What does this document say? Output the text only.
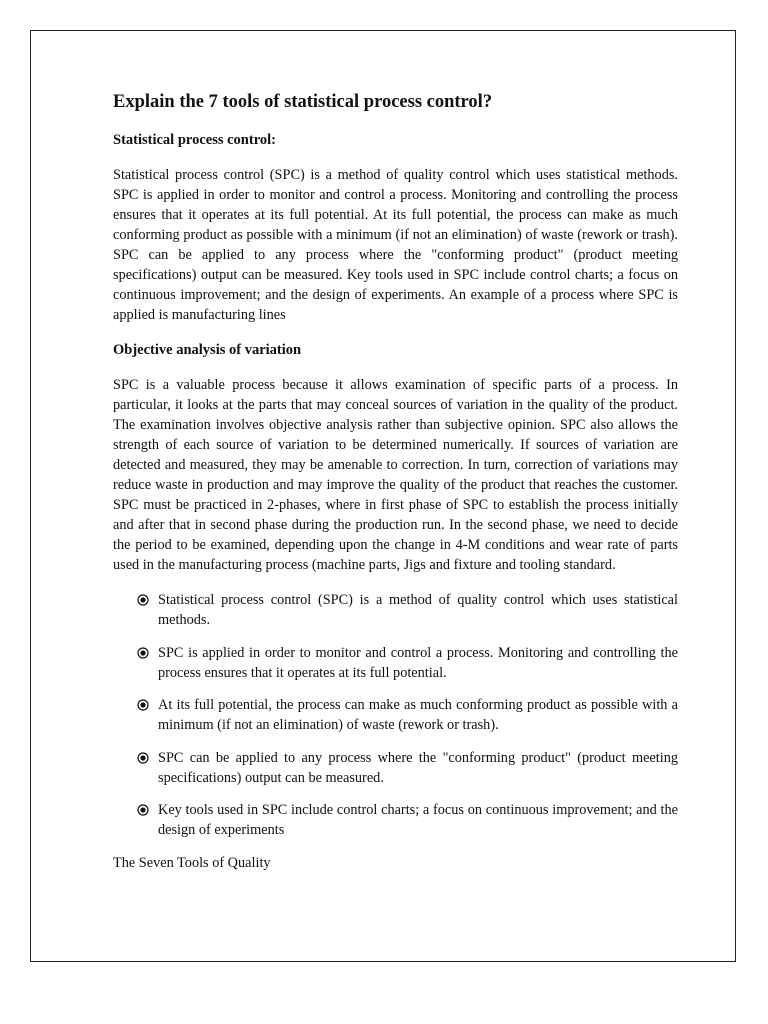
Explain the 7 tools of statistical process control?
Statistical process control:

Statistical process control (SPC) is a method of quality control which uses statistical methods. SPC is applied in order to monitor and control a process. Monitoring and controlling the process ensures that it operates at its full potential. At its full potential, the process can make as much conforming product as possible with a minimum (if not an elimination) of waste (rework or trash). SPC can be applied to any process where the "conforming product" (product meeting specifications) output can be measured. Key tools used in SPC include control charts; a focus on continuous improvement; and the design of experiments. An example of a process where SPC is applied is manufacturing lines

Objective analysis of variation

SPC is a valuable process because it allows examination of specific parts of a process. In particular, it looks at the parts that may conceal sources of variation in the quality of the product. The examination involves objective analysis rather than subjective opinion. SPC also allows the strength of each source of variation to be determined numerically. If sources of variation are detected and measured, they may be amenable to correction. In turn, correction of variations may reduce waste in production and may improve the quality of the product that reaches the customer. SPC must be practiced in 2-phases, where in first phase of SPC to establish the process initially and after that in second phase during the production run. In the second phase, we need to decide the period to be examined, depending upon the change in 4-M conditions and wear rate of parts used in the manufacturing process (machine parts, Jigs and fixture and tooling standard.

Statistical process control (SPC) is a method of quality control which uses statistical methods.
SPC is applied in order to monitor and control a process. Monitoring and controlling the process ensures that it operates at its full potential.
At its full potential, the process can make as much conforming product as possible with a minimum (if not an elimination) of waste (rework or trash).
SPC can be applied to any process where the "conforming product" (product meeting specifications) output can be measured.
Key tools used in SPC include control charts; a focus on continuous improvement; and the design of experiments

The Seven Tools of Quality
